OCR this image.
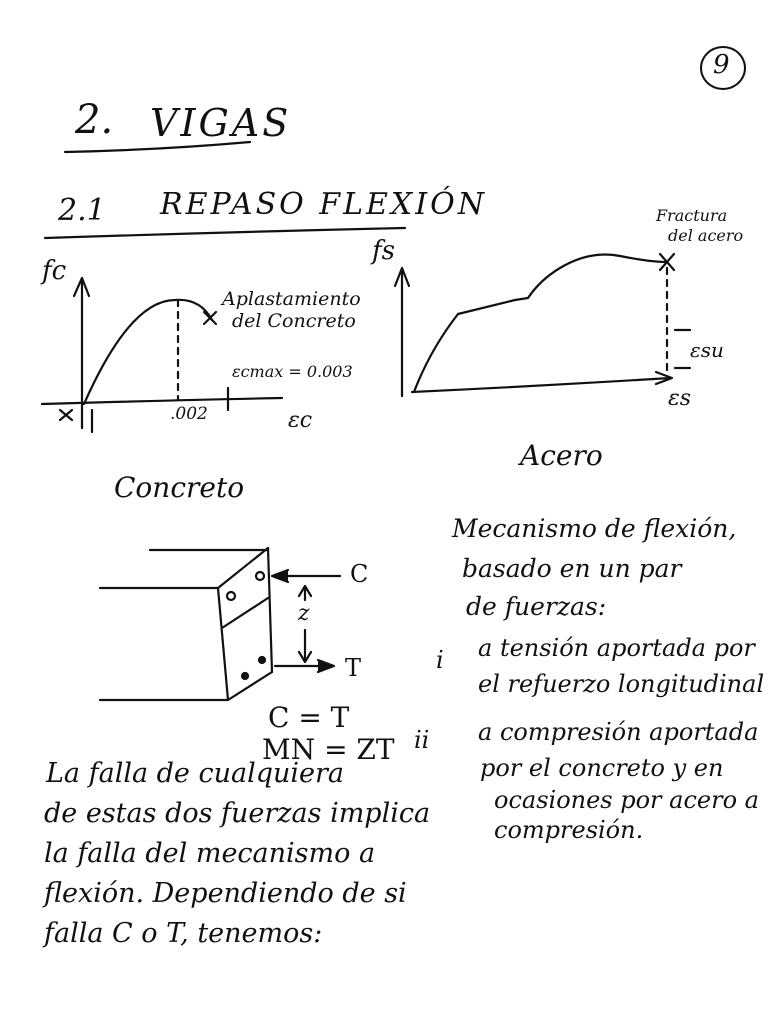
9
2. VIGAS
2.1 REPASO FLEXIÓN
fc
Aplastamiento
del Concreto
εcmax = 0.003
.002	εc
Concreto
fs
Fractura
del acero
εsu
εs
Acero
C
z
T
C = T
MN = ZT
Mecanismo de flexión,
basado en un par
de fuerzas:
i a tensión aportada por
el refuerzo longitudinal
ii a compresión aportada
por el concreto y en
ocasiones por acero a
compresión.
La falla de cualquiera
de estas dos fuerzas implica
la falla del mecanismo a
flexión. Dependiendo de si
falla C o T, tenemos:
